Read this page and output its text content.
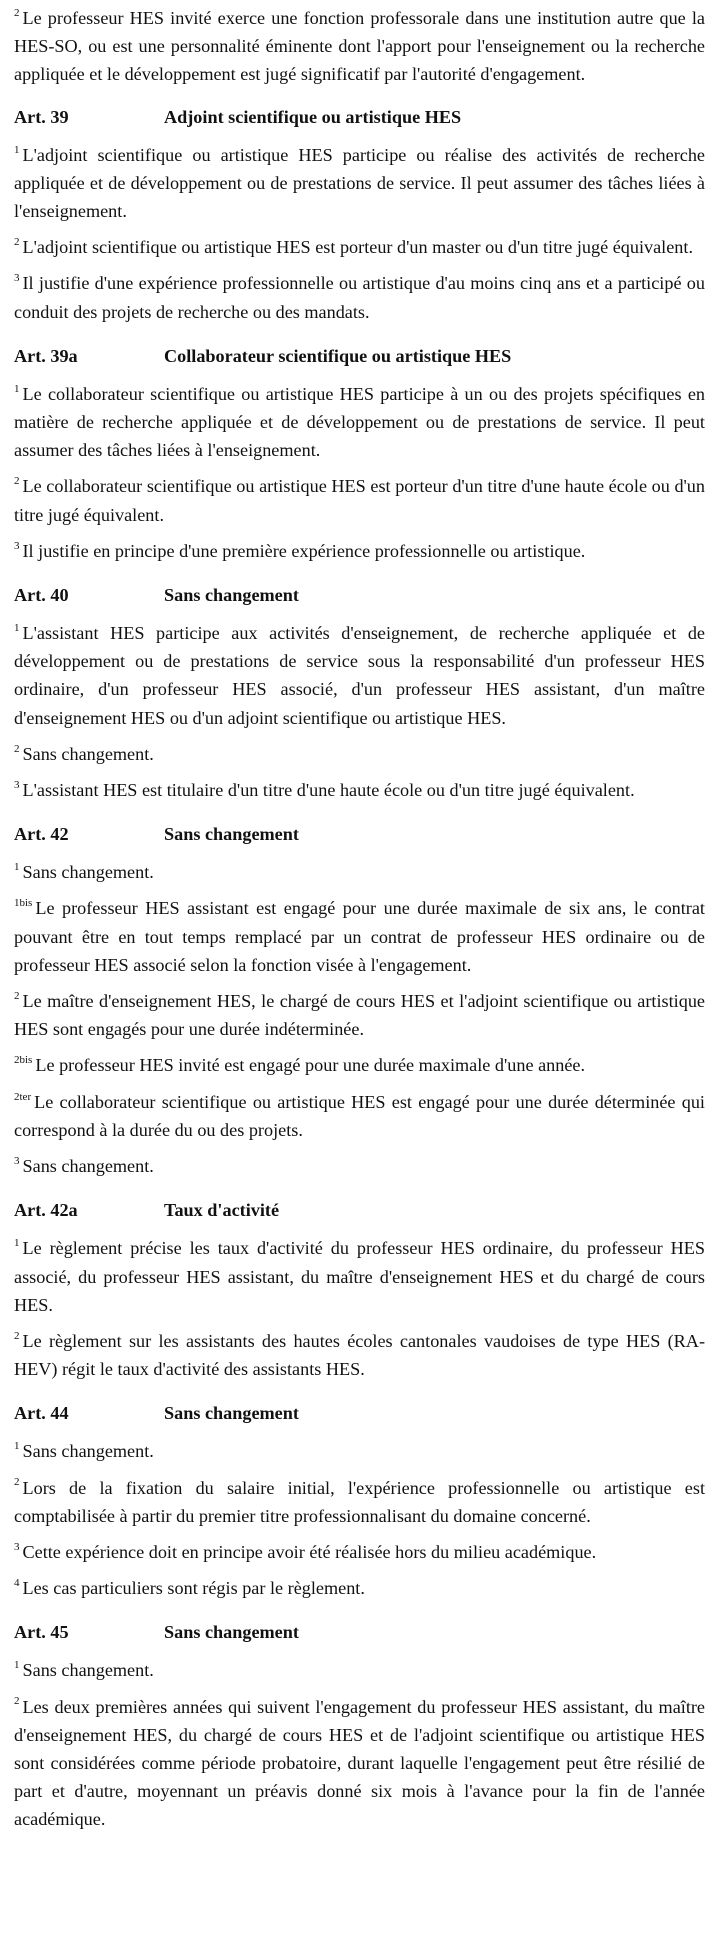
$^2$ Le professeur HES invité exerce une fonction professorale dans une institution autre que la HES-SO, ou est une personnalité éminente dont l'apport pour l'enseignement ou la recherche appliquée et le développement est jugé significatif par l'autorité d'engagement.

Art. 39	Adjoint scientifique ou artistique HES

$^1$ L'adjoint scientifique ou artistique HES participe ou réalise des activités de recherche appliquée et de développement ou de prestations de service. Il peut assumer des tâches liées à l'enseignement.

$^2$ L'adjoint scientifique ou artistique HES est porteur d'un master ou d'un titre jugé équivalent.

$^3$ Il justifie d'une expérience professionnelle ou artistique d'au moins cinq ans et a participé ou conduit des projets de recherche ou des mandats.

Art. 39a	Collaborateur scientifique ou artistique HES

$^1$ Le collaborateur scientifique ou artistique HES participe à un ou des projets spécifiques en matière de recherche appliquée et de développement ou de prestations de service. Il peut assumer des tâches liées à l'enseignement.

$^2$ Le collaborateur scientifique ou artistique HES est porteur d'un titre d'une haute école ou d'un titre jugé équivalent.

$^3$ Il justifie en principe d'une première expérience professionnelle ou artistique.

Art. 40	Sans changement

$^1$ L'assistant HES participe aux activités d'enseignement, de recherche appliquée et de développement ou de prestations de service sous la responsabilité d'un professeur HES ordinaire, d'un professeur HES associé, d'un professeur HES assistant, d'un maître d'enseignement HES ou d'un adjoint scientifique ou artistique HES.

$^2$ Sans changement.

$^3$ L'assistant HES est titulaire d'un titre d'une haute école ou d'un titre jugé équivalent.

Art. 42	Sans changement

$^1$ Sans changement.

$^{1bis}$ Le professeur HES assistant est engagé pour une durée maximale de six ans, le contrat pouvant être en tout temps remplacé par un contrat de professeur HES ordinaire ou de professeur HES associé selon la fonction visée à l'engagement.

$^2$ Le maître d'enseignement HES, le chargé de cours HES et l'adjoint scientifique ou artistique HES sont engagés pour une durée indéterminée.

$^{2bis}$ Le professeur HES invité est engagé pour une durée maximale d'une année.

$^{2ter}$ Le collaborateur scientifique ou artistique HES est engagé pour une durée déterminée qui correspond à la durée du ou des projets.

$^3$ Sans changement.

Art. 42a	Taux d'activité

$^1$ Le règlement précise les taux d'activité du professeur HES ordinaire, du professeur HES associé, du professeur HES assistant, du maître d'enseignement HES et du chargé de cours HES.

$^2$ Le règlement sur les assistants des hautes écoles cantonales vaudoises de type HES (RA-HEV) régit le taux d'activité des assistants HES.

Art. 44	Sans changement

$^1$ Sans changement.

$^2$ Lors de la fixation du salaire initial, l'expérience professionnelle ou artistique est comptabilisée à partir du premier titre professionnalisant du domaine concerné.

$^3$ Cette expérience doit en principe avoir été réalisée hors du milieu académique.

$^4$ Les cas particuliers sont régis par le règlement.

Art. 45	Sans changement

$^1$ Sans changement.

$^2$ Les deux premières années qui suivent l'engagement du professeur HES assistant, du maître d'enseignement HES, du chargé de cours HES et de l'adjoint scientifique ou artistique HES sont considérées comme période probatoire, durant laquelle l'engagement peut être résilié de part et d'autre, moyennant un préavis donné six mois à l'avance pour la fin de l'année académique.
